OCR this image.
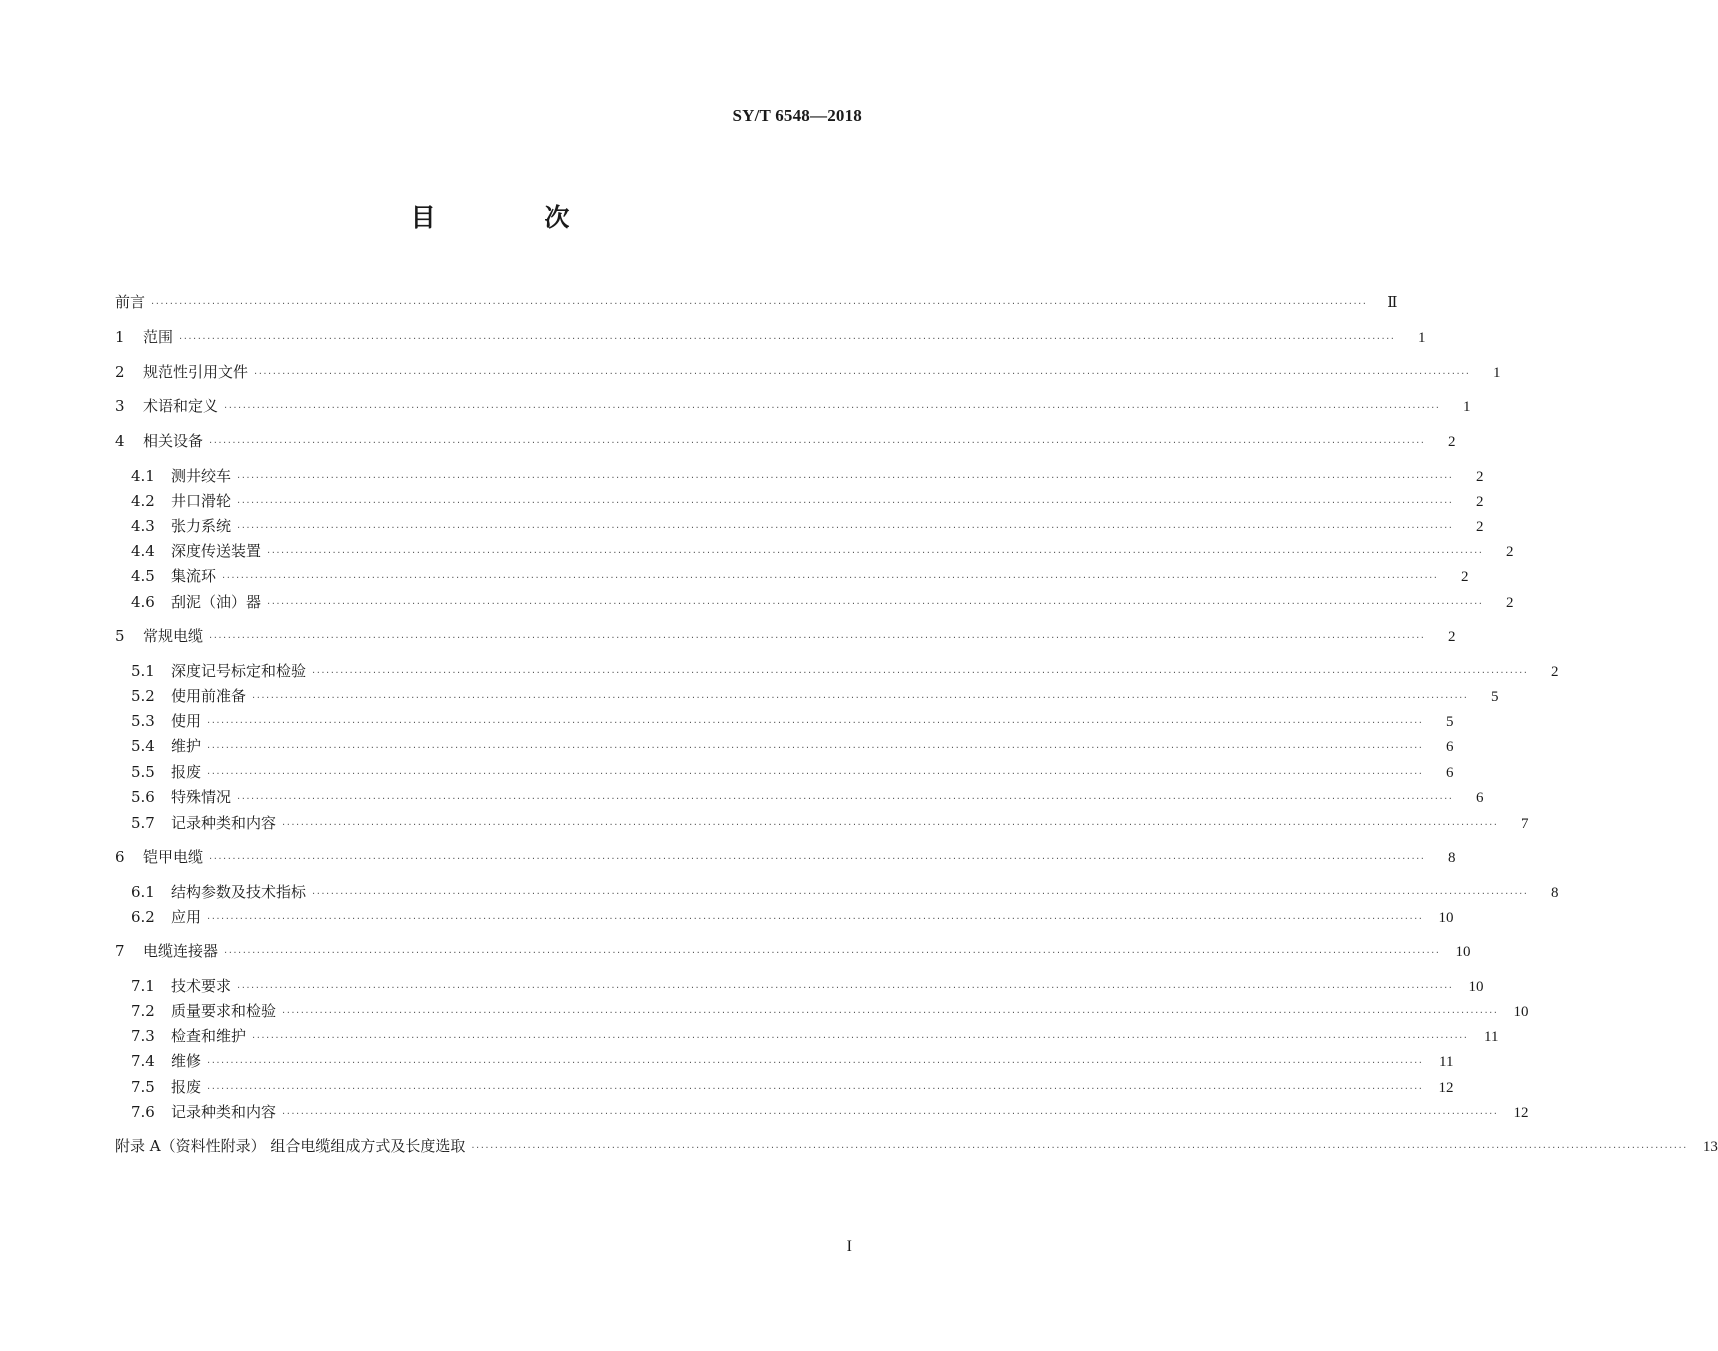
SY/T 6548—2018
目 次
前言 ····································································································································································································································································	Ⅱ
1	范围 ····································································································································································································································································	1
2	规范性引用文件 ····································································································································································································································································	1
3	术语和定义 ····································································································································································································································································	1
4	相关设备 ····································································································································································································································································	2
4.1	测井绞车 ····································································································································································································································································	2
4.2	井口滑轮 ····································································································································································································································································	2
4.3	张力系统 ····································································································································································································································································	2
4.4	深度传送装置 ····································································································································································································································································	2
4.5	集流环 ····································································································································································································································································	2
4.6	刮泥（油）器 ····································································································································································································································································	2
5	常规电缆 ····································································································································································································································································	2
5.1	深度记号标定和检验 ····································································································································································································································································	2
5.2	使用前准备 ····································································································································································································································································	5
5.3	使用 ····································································································································································································································································	5
5.4	维护 ····································································································································································································································································	6
5.5	报废 ····································································································································································································································································	6
5.6	特殊情况 ····································································································································································································································································	6
5.7	记录种类和内容 ····································································································································································································································································	7
6	铠甲电缆 ····································································································································································································································································	8
6.1	结构参数及技术指标 ····································································································································································································································································	8
6.2	应用 ····································································································································································································································································	10
7	电缆连接器 ····································································································································································································································································	10
7.1	技术要求 ····································································································································································································································································	10
7.2	质量要求和检验 ····································································································································································································································································	10
7.3	检查和维护 ····································································································································································································································································	11
7.4	维修 ····································································································································································································································································	11
7.5	报废 ····································································································································································································································································	12
7.6	记录种类和内容 ····································································································································································································································································	12
附录 A（资料性附录） 组合电缆组成方式及长度选取 ····································································································································································································································································	13
I
